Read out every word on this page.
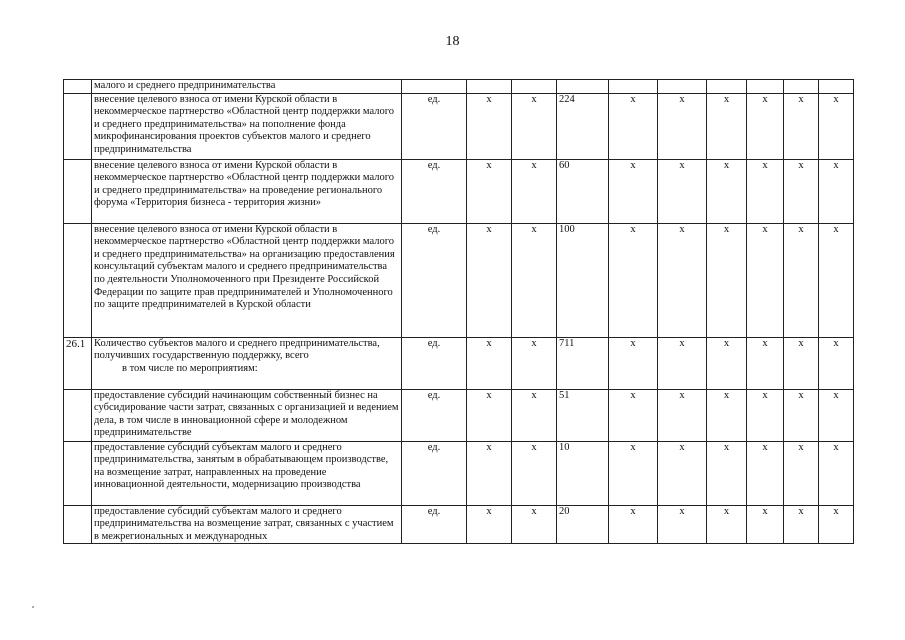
18
	малого и среднего предпринимательства										
	внесение целевого взноса от имени Курской области в некоммерческое партнерство «Областной центр поддержки малого и среднего предпринимательства» на пополнение фонда микрофинансирования проектов субъектов малого и среднего предпринимательства	ед.	x	x	224	x	x	x	x	x	x
	внесение целевого взноса от имени Курской области в некоммерческое партнерство «Областной центр поддержки малого и среднего предпринимательства» на проведение регионального форума «Территория бизнеса - территория жизни»	ед.	x	x	60	x	x	x	x	x	x
	внесение целевого взноса от имени Курской области в некоммерческое партнерство «Областной центр поддержки малого и среднего предпринимательства» на организацию предоставления консультаций субъектам малого и среднего предпринимательства по деятельности Уполномоченного при Президенте Российской Федерации по защите прав предпринимателей и Уполномоченного по защите предпринимателей в Курской области	ед.	x	x	100	x	x	x	x	x	x
26.1	Количество субъектов малого и среднего предпринимательства, получивших государственную поддержку, всего
в том числе по мероприятиям:	ед.	x	x	711	x	x	x	x	x	x
	предоставление субсидий начинающим собственный бизнес на субсидирование части затрат, связанных с организацией и ведением дела, в том числе в инновационной сфере и молодежном предпринимательстве	ед.	x	x	51	x	x	x	x	x	x
	предоставление субсидий субъектам малого и среднего предпринимательства, занятым в обрабатывающем производстве, на возмещение затрат, направленных на проведение инновационной деятельности, модернизацию производства	ед.	x	x	10	x	x	x	x	x	x
	предоставление субсидий субъектам малого и среднего предпринимательства на возмещение затрат, связанных с участием в межрегиональных и международных	ед.	x	x	20	x	x	x	x	x	x
